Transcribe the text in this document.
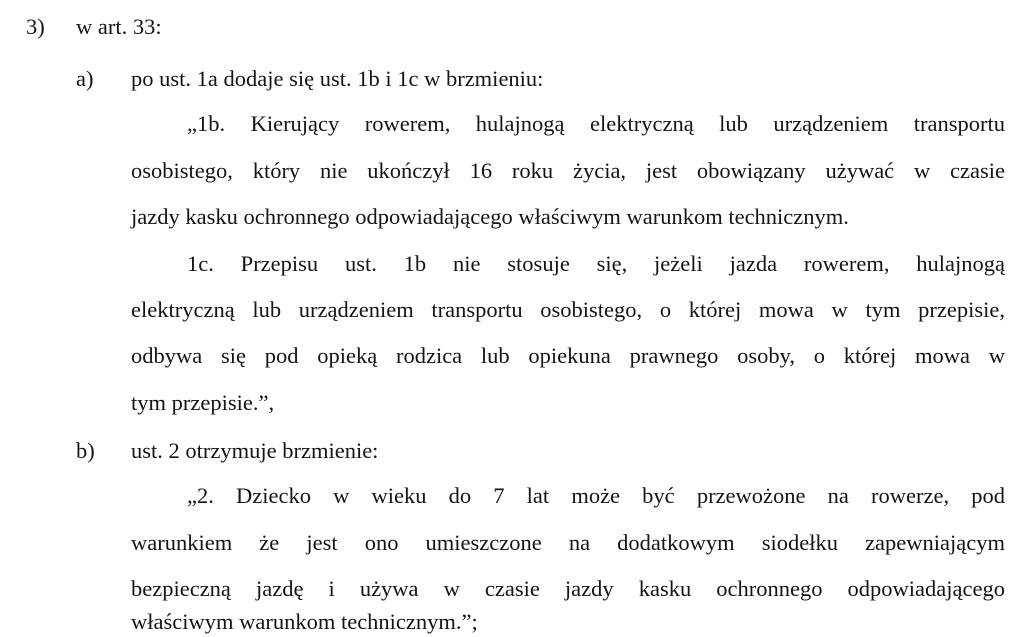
3) w art. 33:
a) po ust. 1a dodaje się ust. 1b i 1c w brzmieniu:
„1b. Kierujący rowerem, hulajnogą elektryczną lub urządzeniem transportu
osobistego, który nie ukończył 16 roku życia, jest obowiązany używać w czasie
jazdy kasku ochronnego odpowiadającego właściwym warunkom technicznym.
1c. Przepisu ust. 1b nie stosuje się, jeżeli jazda rowerem, hulajnogą
elektryczną lub urządzeniem transportu osobistego, o której mowa w tym przepisie,
odbywa się pod opieką rodzica lub opiekuna prawnego osoby, o której mowa w
tym przepisie.”,
b) ust. 2 otrzymuje brzmienie:
„2. Dziecko w wieku do 7 lat może być przewożone na rowerze, pod
warunkiem że jest ono umieszczone na dodatkowym siodełku zapewniającym
bezpieczną jazdę i używa w czasie jazdy kasku ochronnego odpowiadającego
właściwym warunkom technicznym.”;
